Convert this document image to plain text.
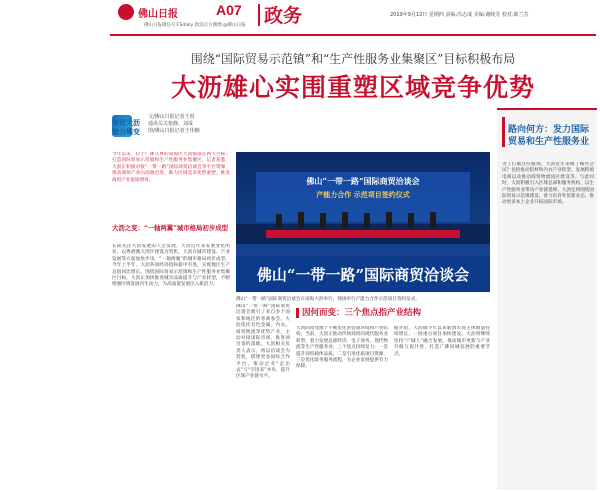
佛山日报	A07 政务
佛山日报微信号:FSdaily 新浪官方微博:@佛山日报
2019年9月12日 星期四 责编:冯志成 美编:谢映芳 校对:陈兰芳
围绕“国际贸易示范镇”和“生产性服务业集聚区”目标积极布局
大沥雄心实围重塑区域竞争优势
文/佛山日报记者王锐
通讯员关艳静、刘成
图/佛山日报记者王伟楠
商贸大沥
魅力蝶变
今年以来，位于广佛交界的南海区大沥镇锚定两大目标：打造国际贸易示范镇和生产性服务业集聚区。记者获悉，大沥正积极对接“一带一路”国际商贸洽谈会等平台资源，推动商贸产业向高端迈进，助力区域竞争优势重塑，推进商贸产业提质增效。	佛山“一带一路”国际商贸洽谈会
产能力合作 示范项目签约仪式
佛山“一带一路”国际商贸洽谈会
佛山“一带一路”国际商贸洽谈会在南海大沥举行，现场举行产能力合作示范项目签约仪式。
大沥之变：“一轴两翼”城市格局初步成型
长期关注大沥发展的人会发现，大沥近年来发展变化明显。以粤港澳大湾区建设为契机，大沥在城市建设、产业发展等方面加快步伐，“一轴两翼”的城市格局初步成型。今年上半年，大沥各项经济指标稳中有进，实现地区生产总值同比增长。围绕国际贸易示范镇和生产性服务业集聚区目标，大沥正加快推进城市品质提升与产业转型，不断增强区域发展内生动力，为高质量发展注入新活力。
佛山“一带一路”国际商贸洽谈会吸引了来自多个国家和地区的客商参会。大沥依托有色金属、内衣、商贸物流等优势产业，主动对接国际市场，推进项目签约落地。大沥相关负责人表示，将以洽谈会为契机，搭建更多国际合作平台，推动企业“走出去”与“引进来”并举，提升区域产业链水平。
因何而变：三个焦点指产业结构
大沥的改变源于不断优化的营商环境和产业结构。当前，大沥正推动传统商贸向现代服务业转型，着力发展总部经济、电子商务、现代物流等生产性服务业，三个焦点持续发力：一是提升商贸载体品质，二是引进优质项目资源，三是优化政务服务流程，为企业发展提供有力保障。
据介绍，大沥镇今年以来新增市场主体数量持续增长，一批重点项目加快建设。大沥将继续坚持“产城人”融合发展，推动城市更新与产业升级互促共进，打造广佛同城发展的重要节点。
路向何方：发力国际贸易和生产性服务业
为了打破这些瓶颈，大沥近年来做了哪些尝试？包括推动铝材和内衣产业转型、发展跨境电商以及推动商贸物流园区建设等。与此同时，大沥积极引入区域总部和服务机构，以生产性服务业带动产业链延伸。大沥还将围绕国际贸易示范镇建设，着力培育外贸新业态，推动更多本土企业开拓国际市场。
